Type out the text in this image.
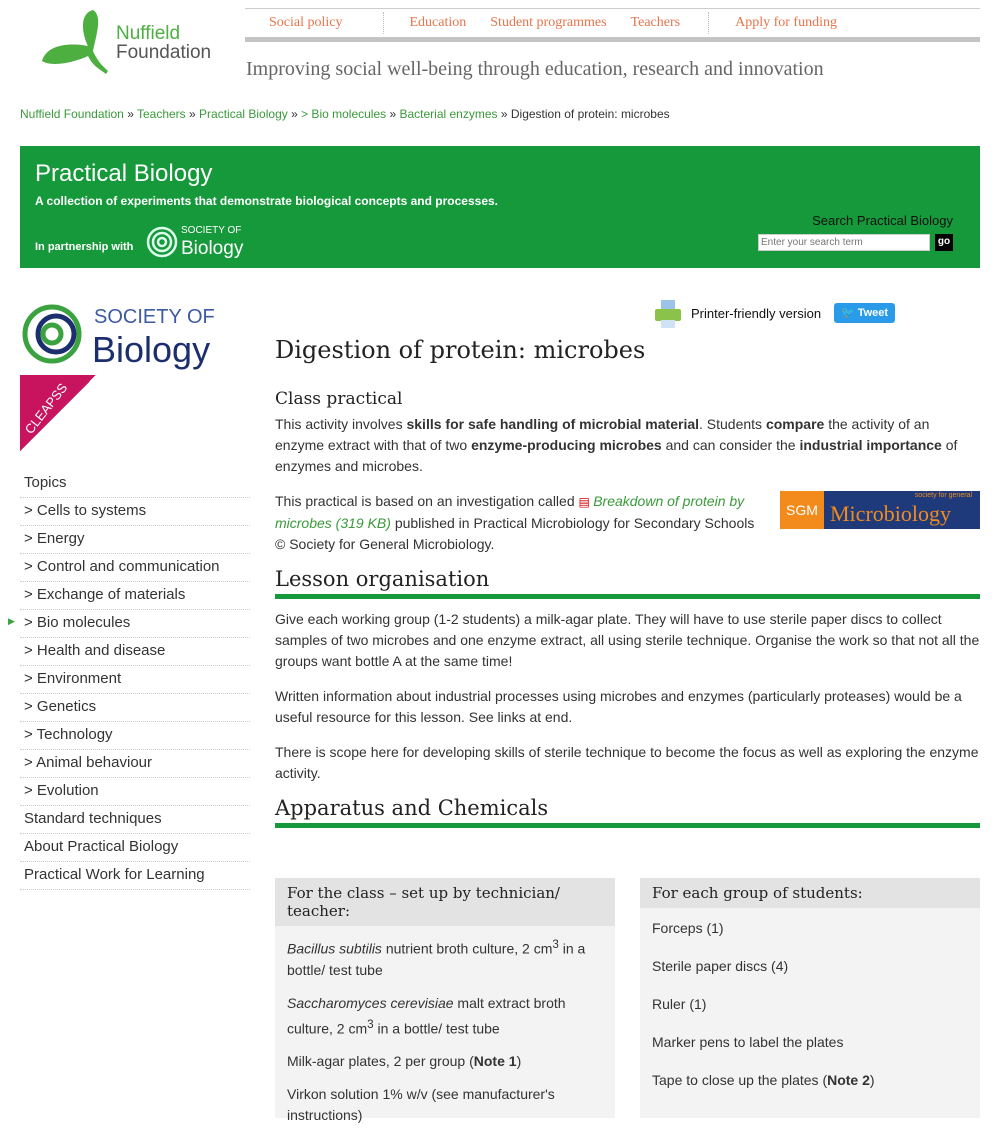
Nuffield
Foundation
Social policy	Education	Student programmes	Teachers	Apply for funding
Improving social well-being through education, research and innovation
Nuffield Foundation » Teachers » Practical Biology » > Bio molecules » Bacterial enzymes » Digestion of protein: microbes
Practical Biology
A collection of experiments that demonstrate biological concepts and processes.
In partnership with
SOCIETY OF
Biology
Search Practical Biology
Enter your search term
go
SOCIETY OF
Biology
CLEAPSS
Topics
> Cells to systems
> Energy
> Control and communication
> Exchange of materials
▶ > Bio molecules
> Health and disease
> Environment
> Genetics
> Technology
> Animal behaviour
> Evolution
Standard techniques
About Practical Biology
Practical Work for Learning
Printer-friendly version	🐦 Tweet
Digestion of protein: microbes
Class practical

This activity involves skills for safe handling of microbial material. Students compare the activity of an enzyme extract with that of two enzyme-producing microbes and can consider the industrial importance of enzymes and microbes.

SGM
society for general
Microbiology

This practical is based on an investigation called ▤ Breakdown of protein by microbes (319 KB) published in Practical Microbiology for Secondary Schools © Society for General Microbiology.

Lesson organisation

Give each working group (1-2 students) a milk-agar plate. They will have to use sterile paper discs to collect samples of two microbes and one enzyme extract, all using sterile technique. Organise the work so that not all the groups want bottle A at the same time!

Written information about industrial processes using microbes and enzymes (particularly proteases) would be a useful resource for this lesson. See links at end.

There is scope here for developing skills of sterile technique to become the focus as well as exploring the enzyme activity.

Apparatus and Chemicals
For the class – set up by technician/ teacher:
Bacillus subtilis nutrient broth culture, 2 $cm^3$ in a bottle/ test tube
Saccharomyces cerevisiae malt extract broth culture, 2 $cm^3$ in a bottle/ test tube
Milk-agar plates, 2 per group (Note 1)
Virkon solution 1% w/v (see manufacturer's instructions)
For each group of students:
Forceps (1)
Sterile paper discs (4)
Ruler (1)
Marker pens to label the plates
Tape to close up the plates (Note 2)
